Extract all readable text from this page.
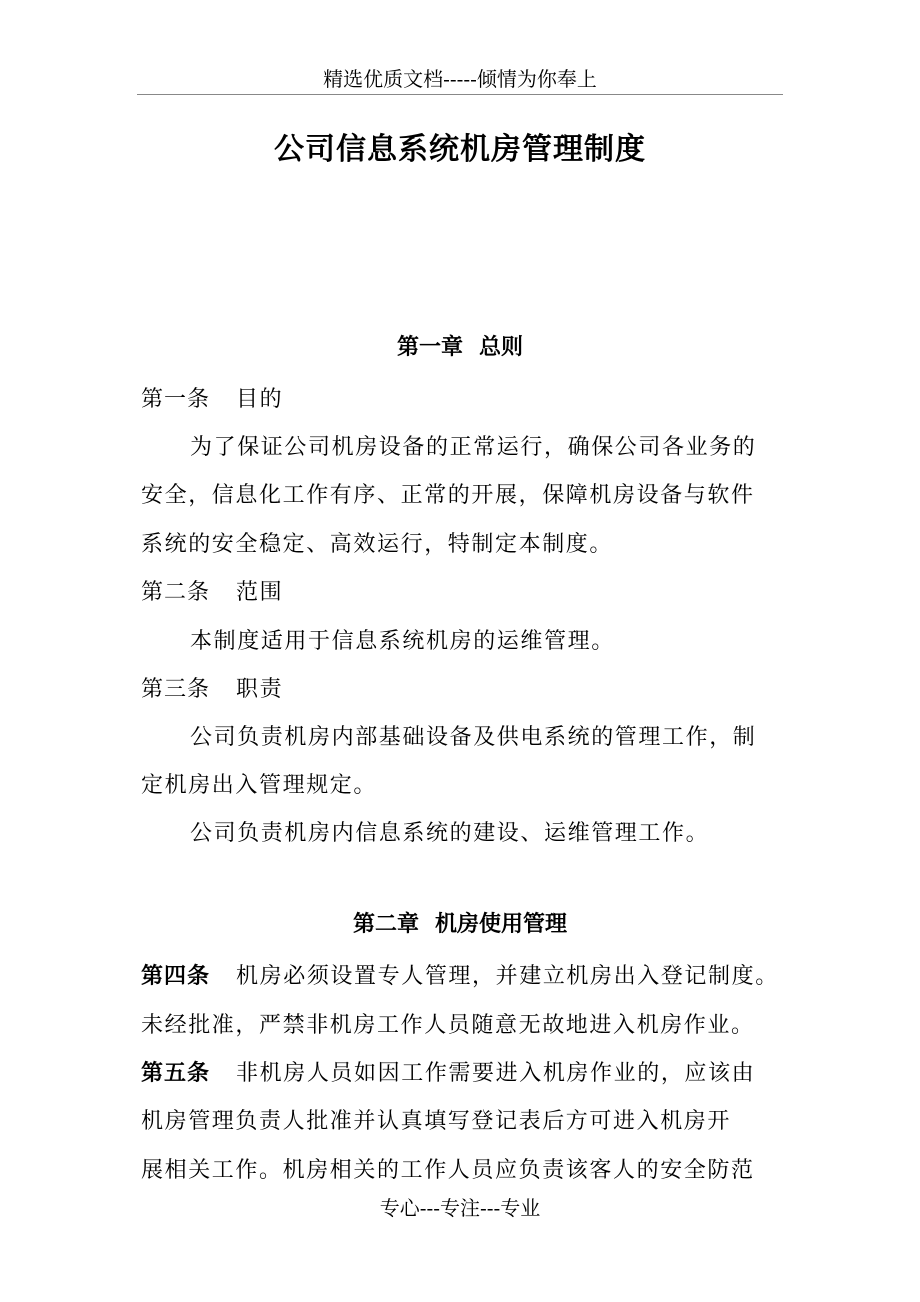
精选优质文档-----倾情为你奉上
公司信息系统机房管理制度
第一章 总则
第一条 目的
为了保证公司机房设备的正常运行，确保公司各业务的
安全，信息化工作有序、正常的开展，保障机房设备与软件
系统的安全稳定、高效运行，特制定本制度。
第二条 范围
本制度适用于信息系统机房的运维管理。
第三条 职责
公司负责机房内部基础设备及供电系统的管理工作，制
定机房出入管理规定。
公司负责机房内信息系统的建设、运维管理工作。
第二章 机房使用管理
第四条 机房必须设置专人管理，并建立机房出入登记制度。
未经批准，严禁非机房工作人员随意无故地进入机房作业。
第五条 非机房人员如因工作需要进入机房作业的，应该由
机房管理负责人批准并认真填写登记表后方可进入机房开
展相关工作。机房相关的工作人员应负责该客人的安全防范
专心---专注---专业
